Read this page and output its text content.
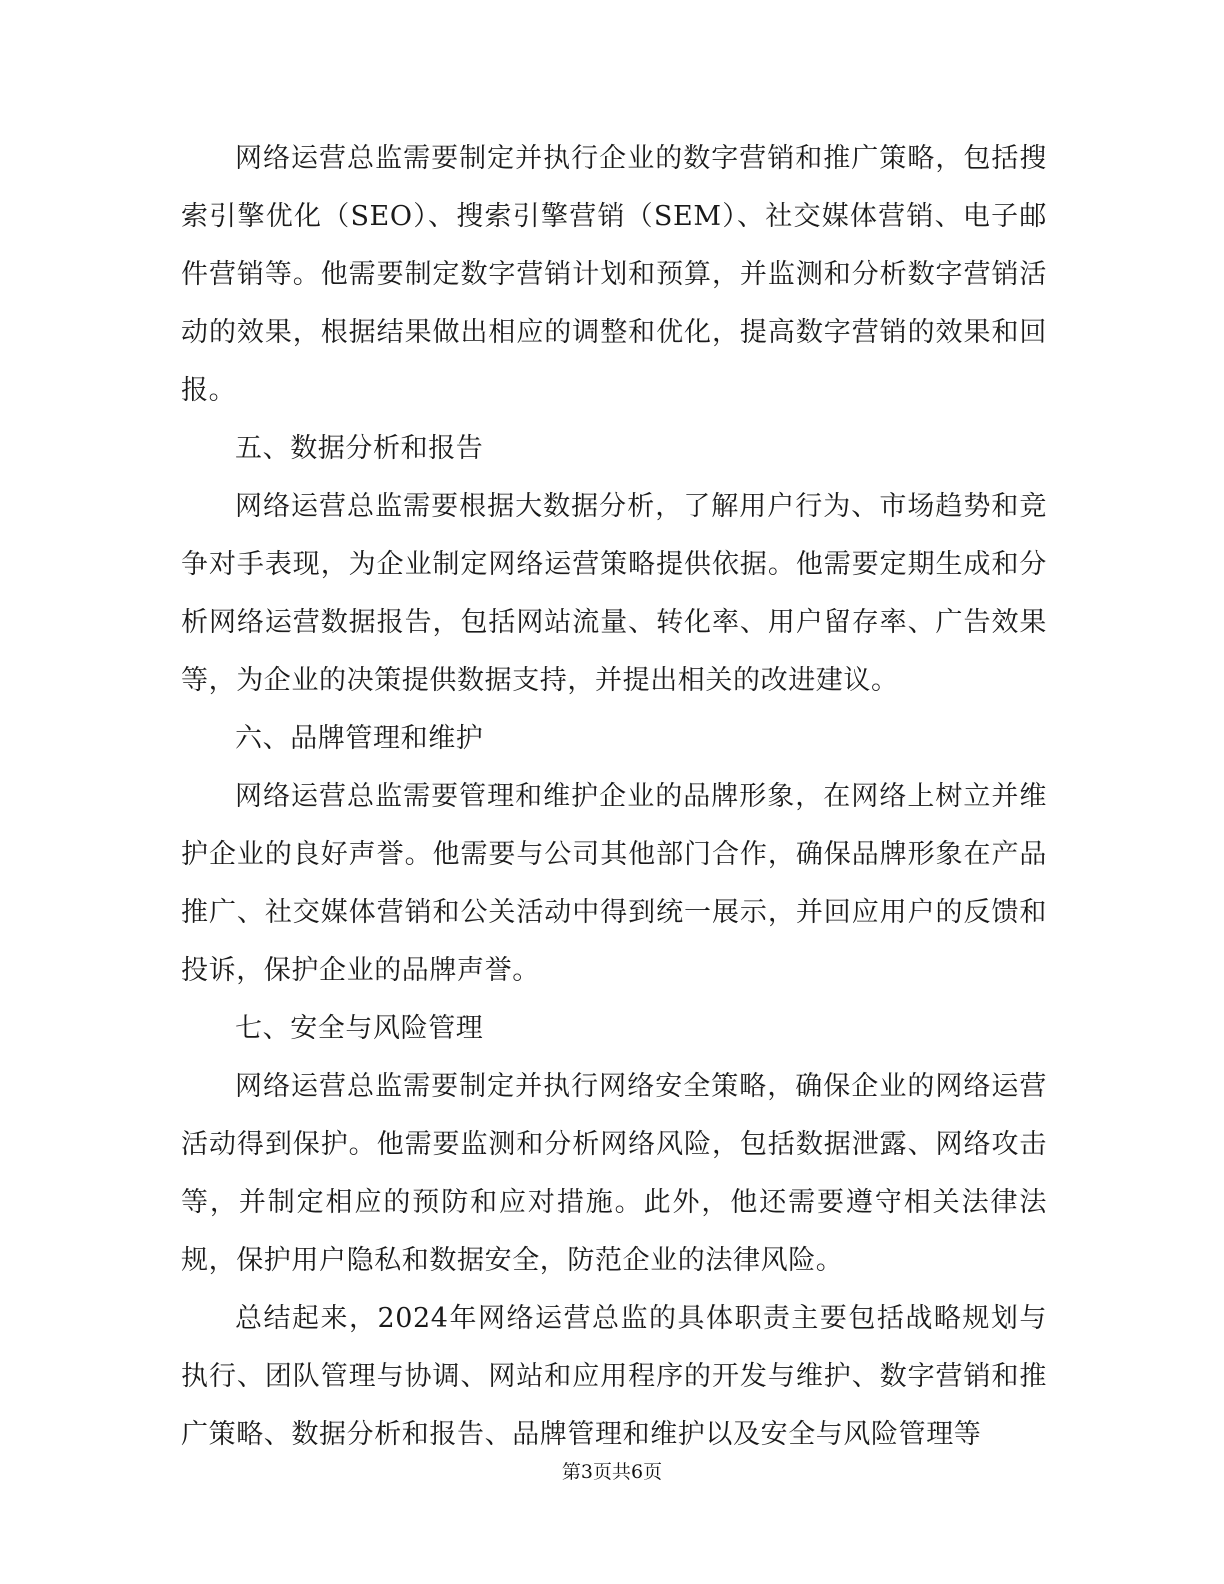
网络运营总监需要制定并执行企业的数字营销和推广策略，包括搜索引擎优化（SEO）、搜索引擎营销（SEM）、社交媒体营销、电子邮件营销等。他需要制定数字营销计划和预算，并监测和分析数字营销活动的效果，根据结果做出相应的调整和优化，提高数字营销的效果和回报。

五、数据分析和报告

网络运营总监需要根据大数据分析，了解用户行为、市场趋势和竞争对手表现，为企业制定网络运营策略提供依据。他需要定期生成和分析网络运营数据报告，包括网站流量、转化率、用户留存率、广告效果等，为企业的决策提供数据支持，并提出相关的改进建议。

六、品牌管理和维护

网络运营总监需要管理和维护企业的品牌形象，在网络上树立并维护企业的良好声誉。他需要与公司其他部门合作，确保品牌形象在产品推广、社交媒体营销和公关活动中得到统一展示，并回应用户的反馈和投诉，保护企业的品牌声誉。

七、安全与风险管理

网络运营总监需要制定并执行网络安全策略，确保企业的网络运营活动得到保护。他需要监测和分析网络风险，包括数据泄露、网络攻击等，并制定相应的预防和应对措施。此外，他还需要遵守相关法律法规，保护用户隐私和数据安全，防范企业的法律风险。

总结起来，2024年网络运营总监的具体职责主要包括战略规划与执行、团队管理与协调、网站和应用程序的开发与维护、数字营销和推广策略、数据分析和报告、品牌管理和维护以及安全与风险管理等

第3页共6页
